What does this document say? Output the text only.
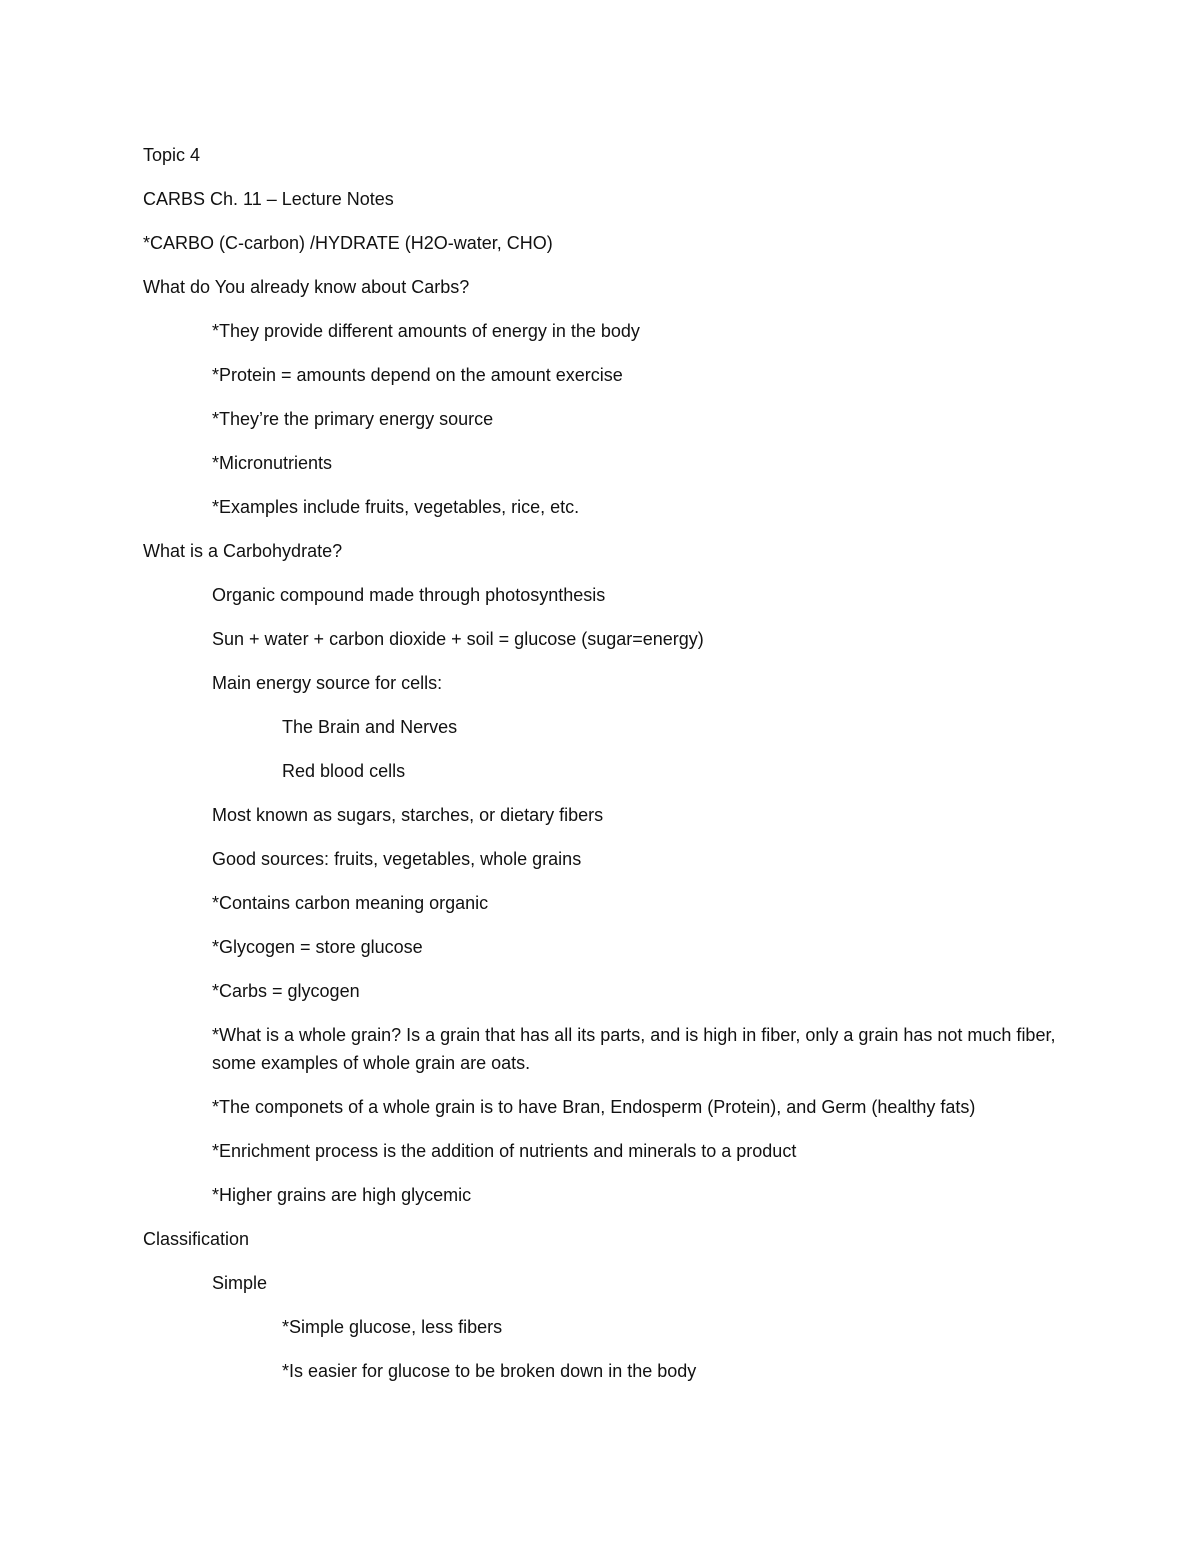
Topic 4
CARBS Ch. 11 – Lecture Notes
*CARBO (C-carbon) /HYDRATE (H2O-water, CHO)
What do You already know about Carbs?
*They provide different amounts of energy in the body
*Protein = amounts depend on the amount exercise
*They’re the primary energy source
*Micronutrients
*Examples include fruits, vegetables, rice, etc.
What is a Carbohydrate?
Organic compound made through photosynthesis
Sun + water + carbon dioxide + soil = glucose (sugar=energy)
Main energy source for cells:
The Brain and Nerves
Red blood cells
Most known as sugars, starches, or dietary fibers
Good sources: fruits, vegetables, whole grains
*Contains carbon meaning organic
*Glycogen = store glucose
*Carbs = glycogen
*What is a whole grain? Is a grain that has all its parts, and is high in fiber, only a grain has not much fiber, some examples of whole grain are oats.
*The componets of a whole grain is to have Bran, Endosperm (Protein), and Germ (healthy fats)
*Enrichment process is the addition of nutrients and minerals to a product
*Higher grains are high glycemic
Classification
Simple
*Simple glucose, less fibers
*Is easier for glucose to be broken down in the body
